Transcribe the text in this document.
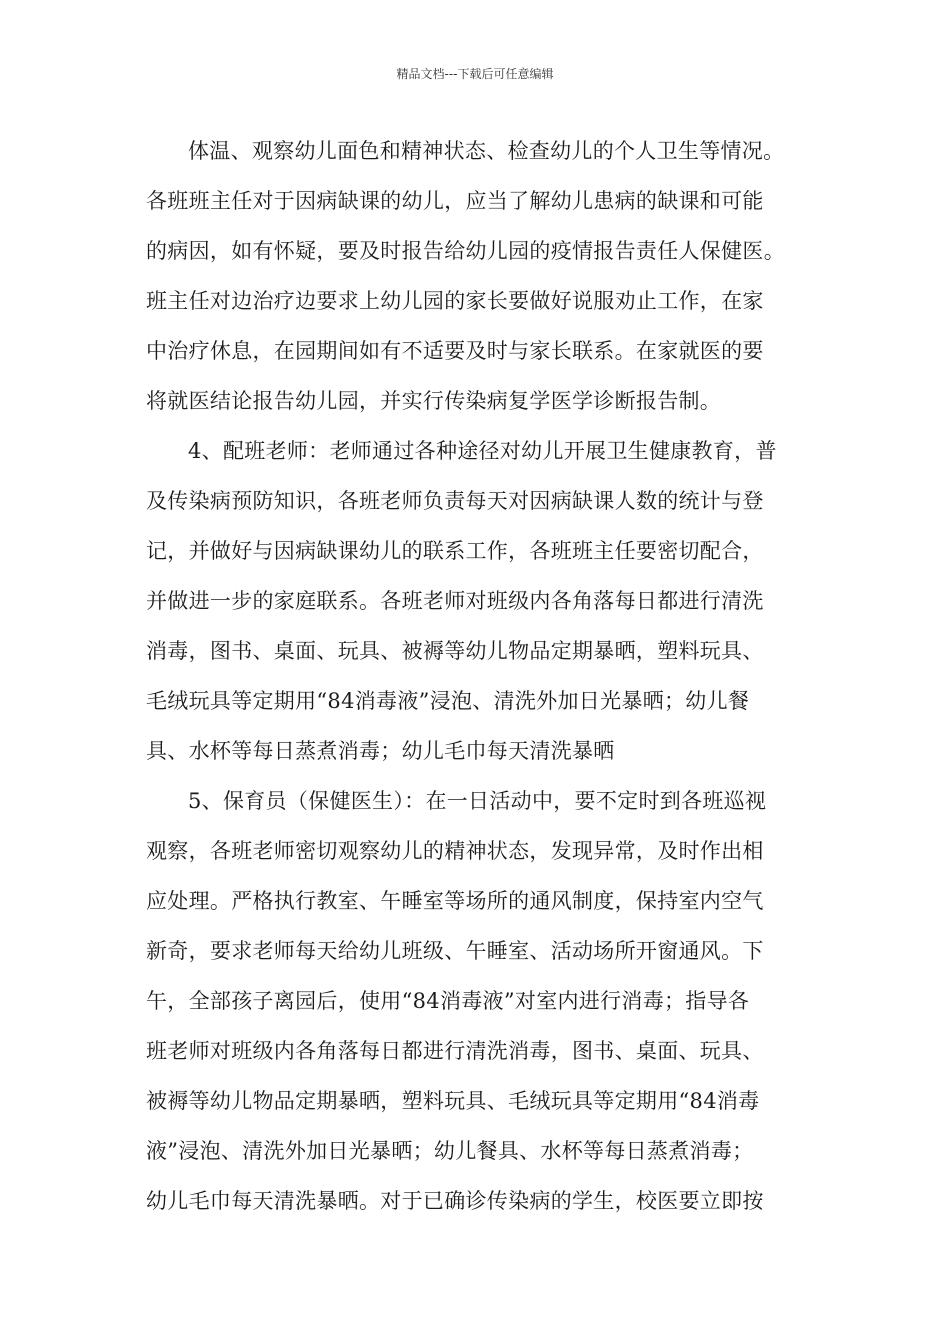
精品文档---下载后可任意编辑
体温、观察幼儿面色和精神状态、检查幼儿的个人卫生等情况。
各班班主任对于因病缺课的幼儿，应当了解幼儿患病的缺课和可能
的病因，如有怀疑，要及时报告给幼儿园的疫情报告责任人保健医。
班主任对边治疗边要求上幼儿园的家长要做好说服劝止工作，在家
中治疗休息，在园期间如有不适要及时与家长联系。在家就医的要
将就医结论报告幼儿园，并实行传染病复学医学诊断报告制。
4、配班老师：老师通过各种途径对幼儿开展卫生健康教育，普
及传染病预防知识，各班老师负责每天对因病缺课人数的统计与登
记，并做好与因病缺课幼儿的联系工作，各班班主任要密切配合，
并做进一步的家庭联系。各班老师对班级内各角落每日都进行清洗
消毒，图书、桌面、玩具、被褥等幼儿物品定期暴晒，塑料玩具、
毛绒玩具等定期用“84消毒液”浸泡、清洗外加日光暴晒；幼儿餐
具、水杯等每日蒸煮消毒；幼儿毛巾每天清洗暴晒
5、保育员（保健医生）：在一日活动中，要不定时到各班巡视
观察，各班老师密切观察幼儿的精神状态，发现异常，及时作出相
应处理。严格执行教室、午睡室等场所的通风制度，保持室内空气
新奇，要求老师每天给幼儿班级、午睡室、活动场所开窗通风。下
午，全部孩子离园后，使用“84消毒液”对室内进行消毒；指导各
班老师对班级内各角落每日都进行清洗消毒，图书、桌面、玩具、
被褥等幼儿物品定期暴晒，塑料玩具、毛绒玩具等定期用“84消毒
液”浸泡、清洗外加日光暴晒；幼儿餐具、水杯等每日蒸煮消毒；
幼儿毛巾每天清洗暴晒。对于已确诊传染病的学生，校医要立即按
